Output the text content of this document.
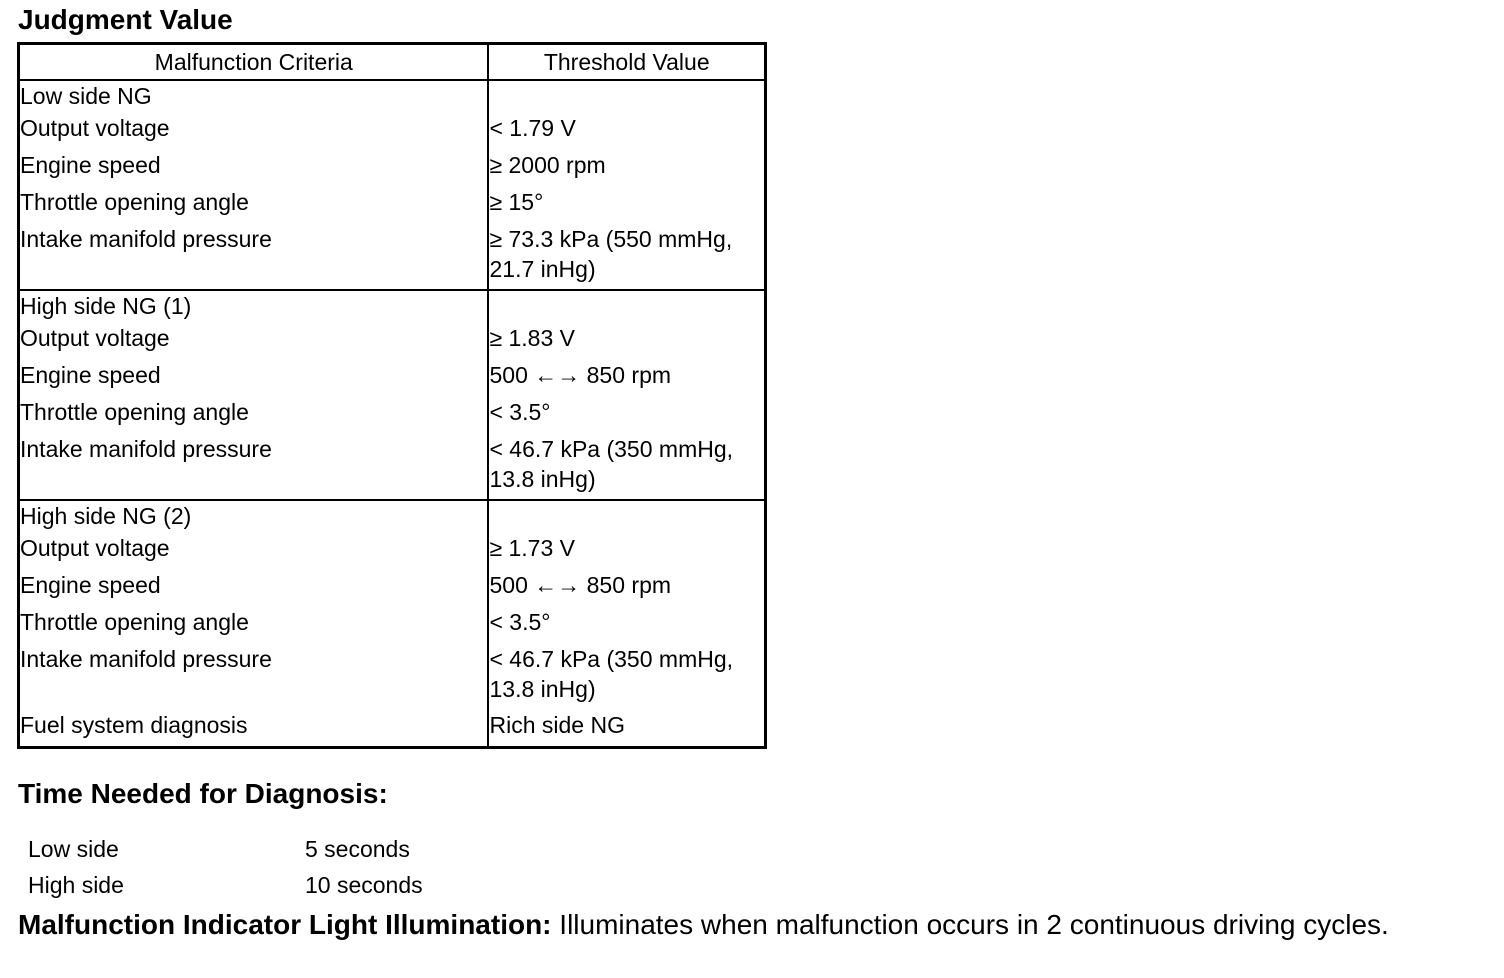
Judgment Value
Malfunction Criteria	Threshold Value
Low side NG	
Output voltage	< 1.79 V
Engine speed	≥ 2000 rpm
Throttle opening angle	≥ 15°
Intake manifold pressure	≥ 73.3 kPa (550 mmHg, 21.7 inHg)
High side NG (1)	
Output voltage	≥ 1.83 V
Engine speed	500 ←→ 850 rpm
Throttle opening angle	< 3.5°
Intake manifold pressure	< 46.7 kPa (350 mmHg, 13.8 inHg)
High side NG (2)	
Output voltage	≥ 1.73 V
Engine speed	500 ←→ 850 rpm
Throttle opening angle	< 3.5°
Intake manifold pressure	< 46.7 kPa (350 mmHg, 13.8 inHg)
Fuel system diagnosis	Rich side NG
Time Needed for Diagnosis:
Low side	5 seconds
High side	10 seconds

Malfunction Indicator Light Illumination: Illuminates when malfunction occurs in 2 continuous driving cycles.
